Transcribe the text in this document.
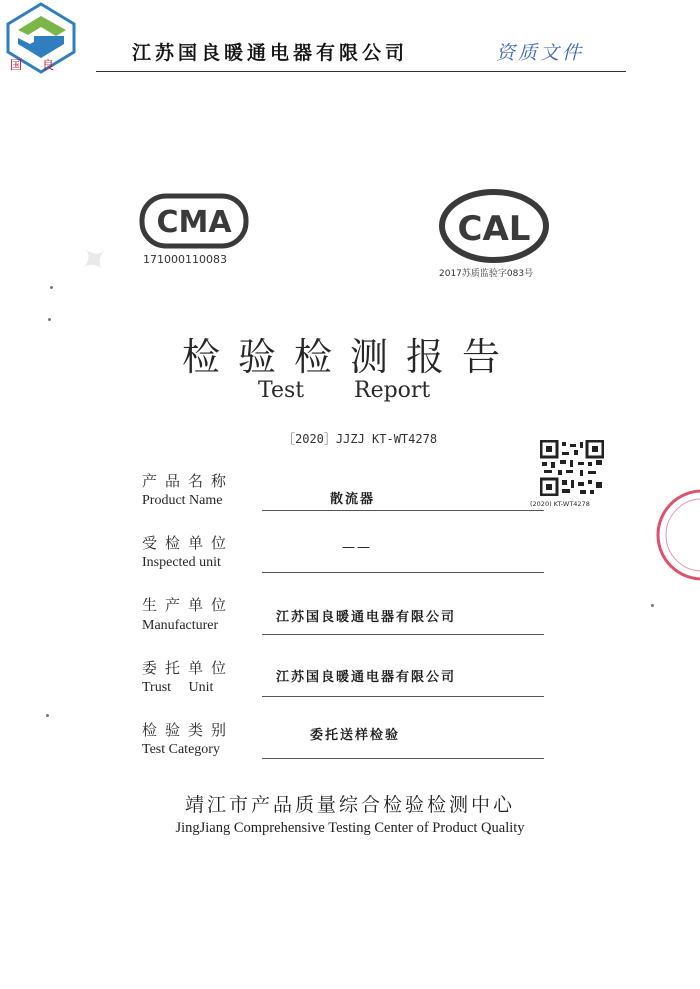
✦
国良
江苏国良暖通电器有限公司	资质文件
CMA
171000110083
CAL
2017苏质监验字083号
检验检测报告
Test Report
［2020］JJZJ KT-WT4278
(2020) KT-WT4278
产品名称
Product Name	散流器
受检单位
Inspected unit
——
生产单位
Manufacturer
江苏国良暖通电器有限公司
委托单位
Trust     Unit
江苏国良暖通电器有限公司
检验类别
Test Category
委托送样检验
靖江市产品质量综合检验检测中心
JingJiang Comprehensive Testing Center of Product Quality
